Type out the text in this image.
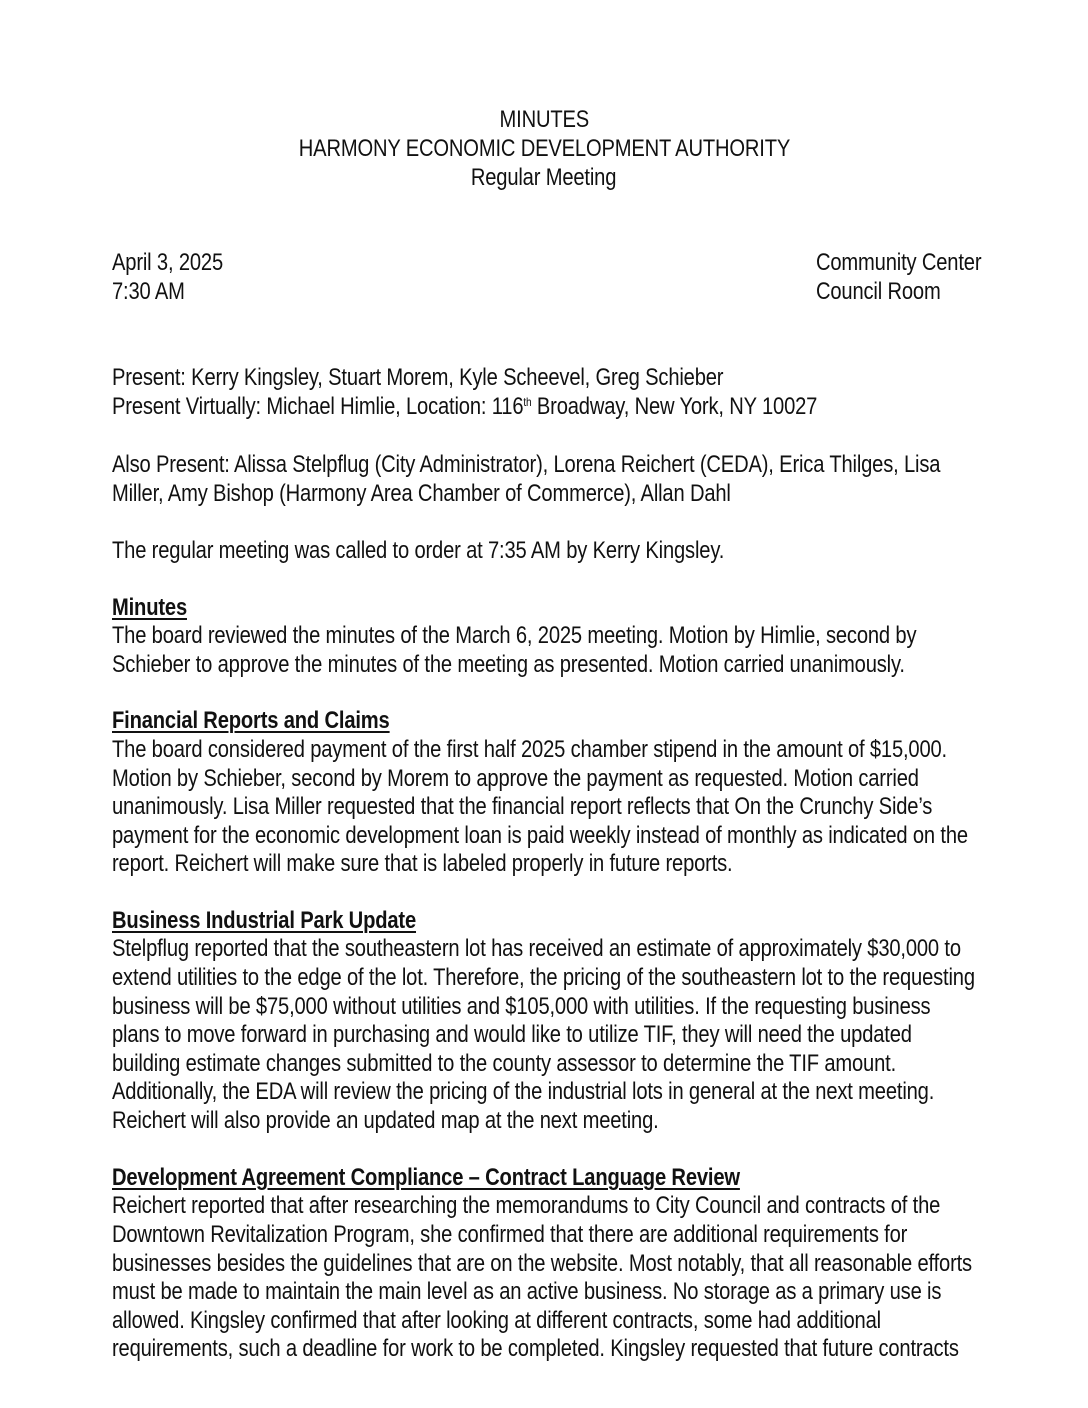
MINUTES
HARMONY ECONOMIC DEVELOPMENT AUTHORITY
Regular Meeting
April 3, 2025
7:30 AM
Community Center
Council Room
Present: Kerry Kingsley, Stuart Morem, Kyle Scheevel, Greg Schieber
Present Virtually: Michael Himlie, Location: 116th Broadway, New York, NY 10027
Also Present: Alissa Stelpflug (City Administrator), Lorena Reichert (CEDA), Erica Thilges, Lisa
Miller, Amy Bishop (Harmony Area Chamber of Commerce), Allan Dahl
The regular meeting was called to order at 7:35 AM by Kerry Kingsley.
Minutes
The board reviewed the minutes of the March 6, 2025 meeting. Motion by Himlie, second by
Schieber to approve the minutes of the meeting as presented. Motion carried unanimously.
Financial Reports and Claims
The board considered payment of the first half 2025 chamber stipend in the amount of $15,000.
Motion by Schieber, second by Morem to approve the payment as requested. Motion carried
unanimously. Lisa Miller requested that the financial report reflects that On the Crunchy Side’s
payment for the economic development loan is paid weekly instead of monthly as indicated on the
report. Reichert will make sure that is labeled properly in future reports.
Business Industrial Park Update
Stelpflug reported that the southeastern lot has received an estimate of approximately $30,000 to
extend utilities to the edge of the lot. Therefore, the pricing of the southeastern lot to the requesting
business will be $75,000 without utilities and $105,000 with utilities. If the requesting business
plans to move forward in purchasing and would like to utilize TIF, they will need the updated
building estimate changes submitted to the county assessor to determine the TIF amount.
Additionally, the EDA will review the pricing of the industrial lots in general at the next meeting.
Reichert will also provide an updated map at the next meeting.
Development Agreement Compliance – Contract Language Review
Reichert reported that after researching the memorandums to City Council and contracts of the
Downtown Revitalization Program, she confirmed that there are additional requirements for
businesses besides the guidelines that are on the website. Most notably, that all reasonable efforts
must be made to maintain the main level as an active business. No storage as a primary use is
allowed. Kingsley confirmed that after looking at different contracts, some had additional
requirements, such a deadline for work to be completed. Kingsley requested that future contracts
